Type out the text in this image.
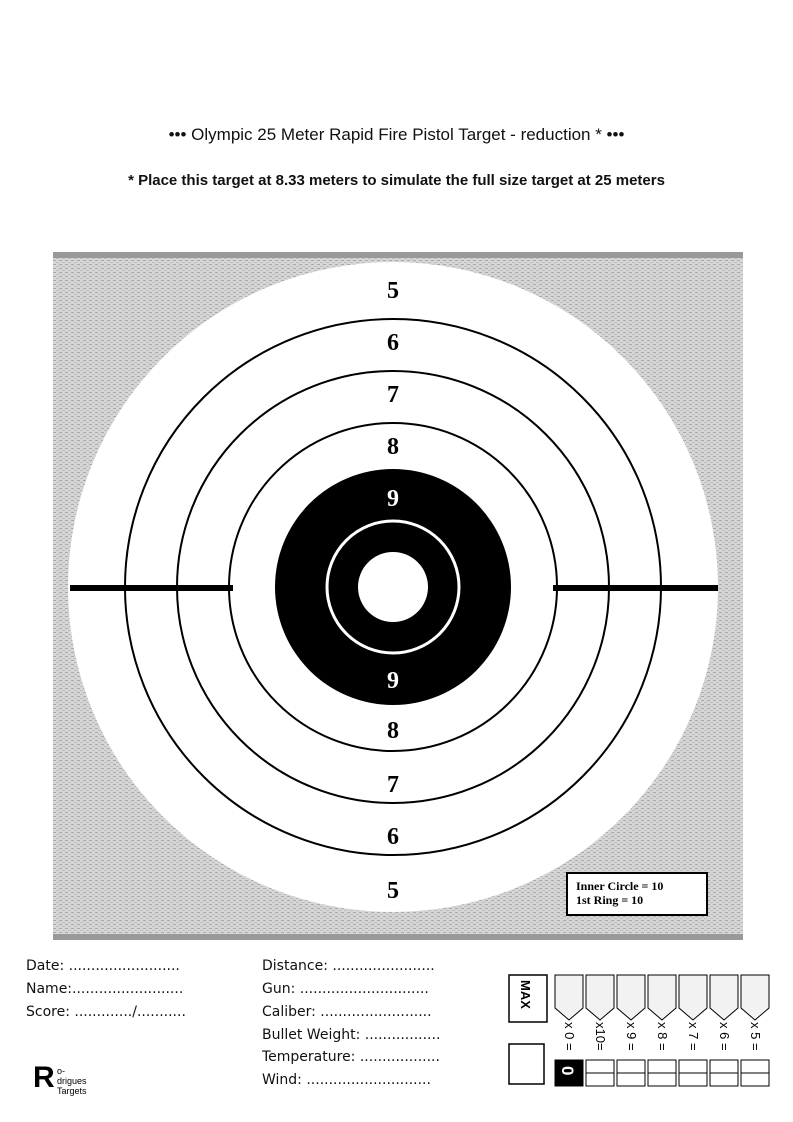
••• Olympic 25 Meter Rapid Fire Pistol Target - reduction * •••
* Place this target at 8.33 meters to simulate the full size target at 25 meters
5
6
7
8
9
9
8
7
6
5	Inner Circle = 10
1st Ring = 10
Date: .........................
Name:.........................
Score: ............./...........
Distance: .......................
Gun: .............................
Caliber: .........................
Bullet Weight: .................
Temperature: ..................
Wind: ............................
R o-drigues
Targets
MAX
x 0 =
0
x10= x 9 = x 8 = x 7 = x 6 = x 5 =
